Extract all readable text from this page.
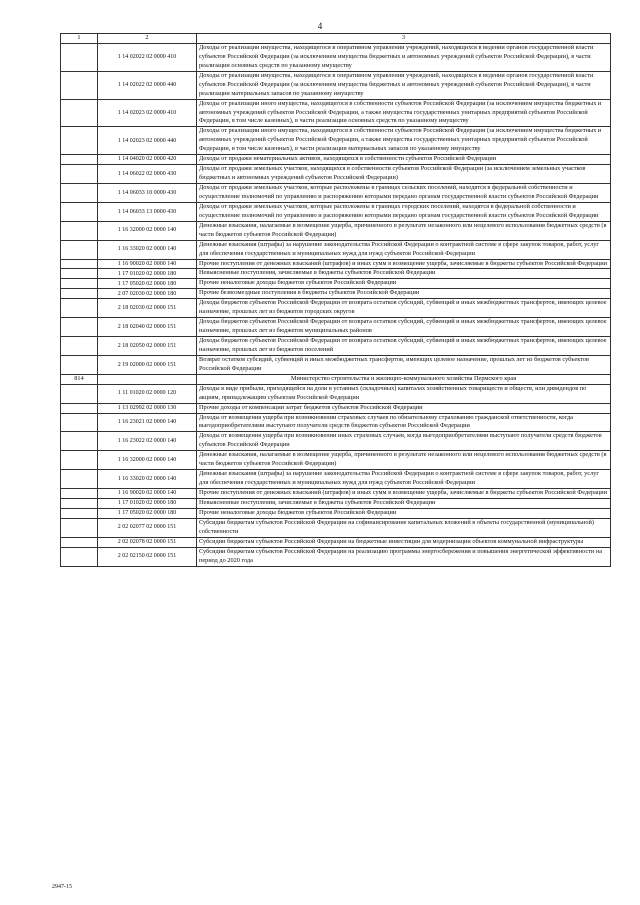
4
1	2	3
	1 14 02022 02 0000 410	Доходы от реализации имущества, находящегося в оперативном управлении учреждений, находящихся в ведении органов государственной власти субъектов Российской Федерации (за исключением имущества бюджетных и автономных учреждений субъектов Российской Федерации), в части реализации основных средств по указанному имуществу
	1 14 02022 02 0000 440	Доходы от реализации имущества, находящегося в оперативном управлении учреждений, находящихся в ведении органов государственной власти субъектов Российской Федерации (за исключением имущества бюджетных и автономных учреждений субъектов Российской Федерации), в части реализации материальных запасов по указанному имуществу
	1 14 02023 02 0000 410	Доходы от реализации иного имущества, находящегося в собственности субъектов Российской Федерации (за исключением имущества бюджетных и автономных учреждений субъектов Российской Федерации, а также имущества государственных унитарных предприятий субъектов Российской Федерации, в том числе казенных), в части реализации основных средств по указанному имуществу
	1 14 02023 02 0000 440	Доходы от реализации иного имущества, находящегося в собственности субъектов Российской Федерации (за исключением имущества бюджетных и автономных учреждений субъектов Российской Федерации, а также имущества государственных унитарных предприятий субъектов Российской Федерации, в том числе казенных), в части реализации материальных запасов по указанному имуществу
	1 14 04020 02 0000 420	Доходы от продажи нематериальных активов, находящихся в собственности субъектов Российской Федерации
	1 14 06022 02 0000 430	Доходы от продажи земельных участков, находящихся в собственности субъектов Российской Федерации (за исключением земельных участков бюджетных и автономных учреждений субъектов Российской Федерации)
	1 14 06033 10 0000 430	Доходы от продажи земельных участков, которые расположены в границах сельских поселений, находятся в федеральной собственности и осуществление полномочий по управлению и распоряжению которыми передано органам государственной власти субъектов Российской Федерации
	1 14 06033 13 0000 430	Доходы от продажи земельных участков, которые расположены в границах городских поселений, находятся в федеральной собственности и осуществление полномочий по управлению и распоряжению которыми передано органам государственной власти субъектов Российской Федерации
	1 16 32000 02 0000 140	Денежные взыскания, налагаемые в возмещение ущерба, причиненного в результате незаконного или нецелевого использования бюджетных средств (в части бюджетов субъектов Российской Федерации)
	1 16 33020 02 0000 140	Денежные взыскания (штрафы) за нарушение законодательства Российской Федерации о контрактной системе в сфере закупок товаров, работ, услуг для обеспечения государственных и муниципальных нужд для нужд субъектов Российской Федерации
	1 16 90020 02 0000 140	Прочие поступления от денежных взысканий (штрафов) и иных сумм в возмещение ущерба, зачисляемые в бюджеты субъектов Российской Федерации
	1 17 01020 02 0000 180	Невыясненные поступления, зачисляемые в бюджеты субъектов Российской Федерации
	1 17 05020 02 0000 180	Прочие неналоговые доходы бюджетов субъектов Российской Федерации
	2 07 02030 02 0000 180	Прочие безвозмездные поступления в бюджеты субъектов Российской Федерации
	2 18 02030 02 0000 151	Доходы бюджетов субъектов Российской Федерации от возврата остатков субсидий, субвенций и иных межбюджетных трансфертов, имеющих целевое назначение, прошлых лет из бюджетов городских округов
	2 18 02040 02 0000 151	Доходы бюджетов субъектов Российской Федерации от возврата остатков субсидий, субвенций и иных межбюджетных трансфертов, имеющих целевое назначение, прошлых лет из бюджетов муниципальных районов
	2 18 02050 02 0000 151	Доходы бюджетов субъектов Российской Федерации от возврата остатков субсидий, субвенций и иных межбюджетных трансфертов, имеющих целевое назначение, прошлых лет из бюджетов поселений
	2 19 02000 02 0000 151	Возврат остатков субсидий, субвенций и иных межбюджетных трансфертов, имеющих целевое назначение, прошлых лет из бюджетов субъектов Российской Федерации
814		Министерство строительства и жилищно-коммунального хозяйства Пермского края
	1 11 01020 02 0000 120	Доходы в виде прибыли, приходящейся на доли в уставных (складочных) капиталах хозяйственных товариществ и обществ, или дивидендов по акциям, принадлежащим субъектам Российской Федерации
	1 13 02992 02 0000 130	Прочие доходы от компенсации затрат бюджетов субъектов Российской Федерации
	1 16 23021 02 0000 140	Доходы от возмещения ущерба при возникновении страховых случаев по обязательному страхованию гражданской ответственности, когда выгодоприобретателями выступают получатели средств бюджетов субъектов Российской Федерации
	1 16 23022 02 0000 140	Доходы от возмещения ущерба при возникновении иных страховых случаев, когда выгодоприобретателями выступают получатели средств бюджетов субъектов Российской Федерации
	1 16 32000 02 0000 140	Денежные взыскания, налагаемые в возмещение ущерба, причиненного в результате незаконного или нецелевого использования бюджетных средств (в части бюджетов субъектов Российской Федерации)
	1 16 33020 02 0000 140	Денежные взыскания (штрафы) за нарушение законодательства Российской Федерации о контрактной системе в сфере закупок товаров, работ, услуг для обеспечения государственных и муниципальных нужд для нужд субъектов Российской Федерации
	1 16 90020 02 0000 140	Прочие поступления от денежных взысканий (штрафов) и иных сумм в возмещение ущерба, зачисляемые в бюджеты субъектов Российской Федерации
	1 17 01020 02 0000 180	Невыясненные поступления, зачисляемые в бюджеты субъектов Российской Федерации
	1 17 05020 02 0000 180	Прочие неналоговые доходы бюджетов субъектов Российской Федерации
	2 02 02077 02 0000 151	Субсидии бюджетам субъектов Российской Федерации на софинансирование капитальных вложений в объекты государственной (муниципальной) собственности
	2 02 02078 02 0000 151	Субсидии бюджетам субъектов Российской Федерации на бюджетные инвестиции для модернизации объектов коммунальной инфраструктуры
	2 02 02150 02 0000 151	Субсидии бюджетам субъектов Российской Федерации на реализацию программы энергосбережения и повышения энергетической эффективности на период до 2020 года
2947-15
